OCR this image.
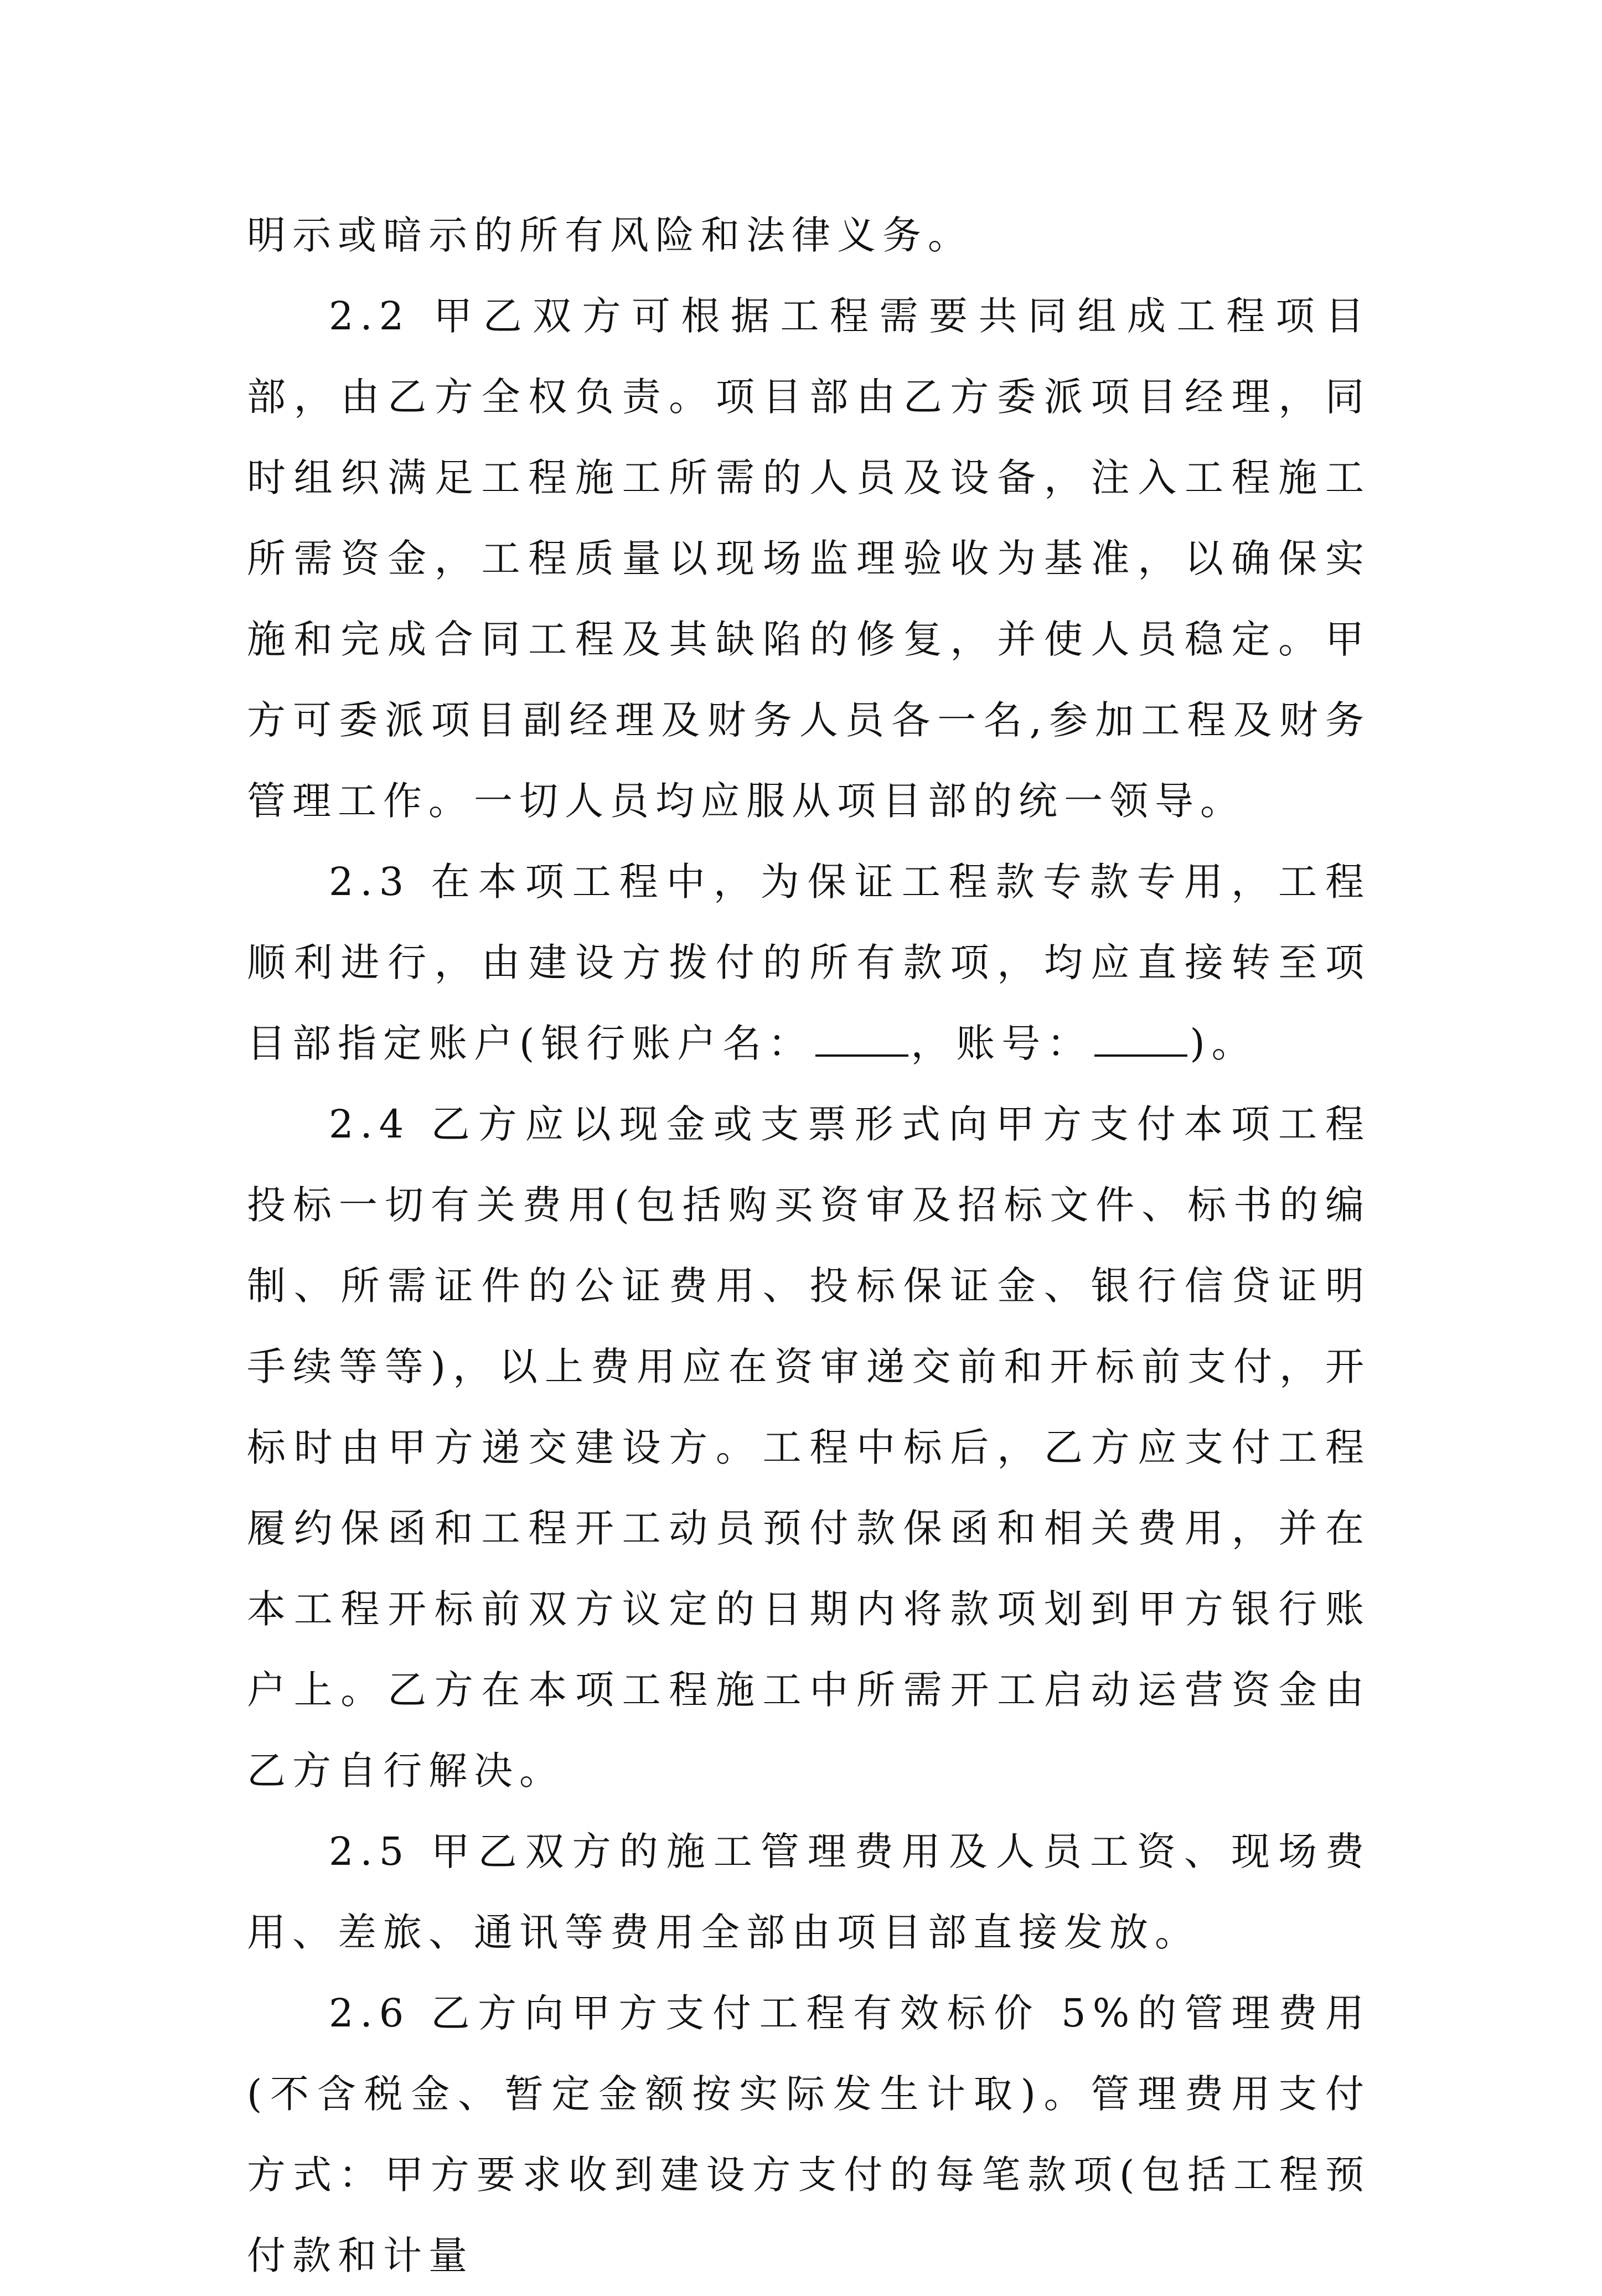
明示或暗示的所有风险和法律义务。

2.2 甲乙双方可根据工程需要共同组成工程项目部，由乙方全权负责。项目部由乙方委派项目经理，同时组织满足工程施工所需的人员及设备，注入工程施工所需资金，工程质量以现场监理验收为基准，以确保实施和完成合同工程及其缺陷的修复，并使人员稳定。甲方可委派项目副经理及财务人员各一名,参加工程及财务管理工作。一切人员均应服从项目部的统一领导。

2.3 在本项工程中，为保证工程款专款专用，工程顺利进行，由建设方拨付的所有款项，均应直接转至项目部指定账户(银行账户名：	，账号：	)。

2.4 乙方应以现金或支票形式向甲方支付本项工程投标一切有关费用(包括购买资审及招标文件、标书的编制、所需证件的公证费用、投标保证金、银行信贷证明手续等等)，以上费用应在资审递交前和开标前支付，开标时由甲方递交建设方。工程中标后，乙方应支付工程履约保函和工程开工动员预付款保函和相关费用，并在本工程开标前双方议定的日期内将款项划到甲方银行账户上。乙方在本项工程施工中所需开工启动运营资金由乙方自行解决。

2.5 甲乙双方的施工管理费用及人员工资、现场费用、差旅、通讯等费用全部由项目部直接发放。

2.6 乙方向甲方支付工程有效标价 5%的管理费用(不含税金、暂定金额按实际发生计取)。管理费用支付方式：甲方要求收到建设方支付的每笔款项(包括工程预付款和计量
